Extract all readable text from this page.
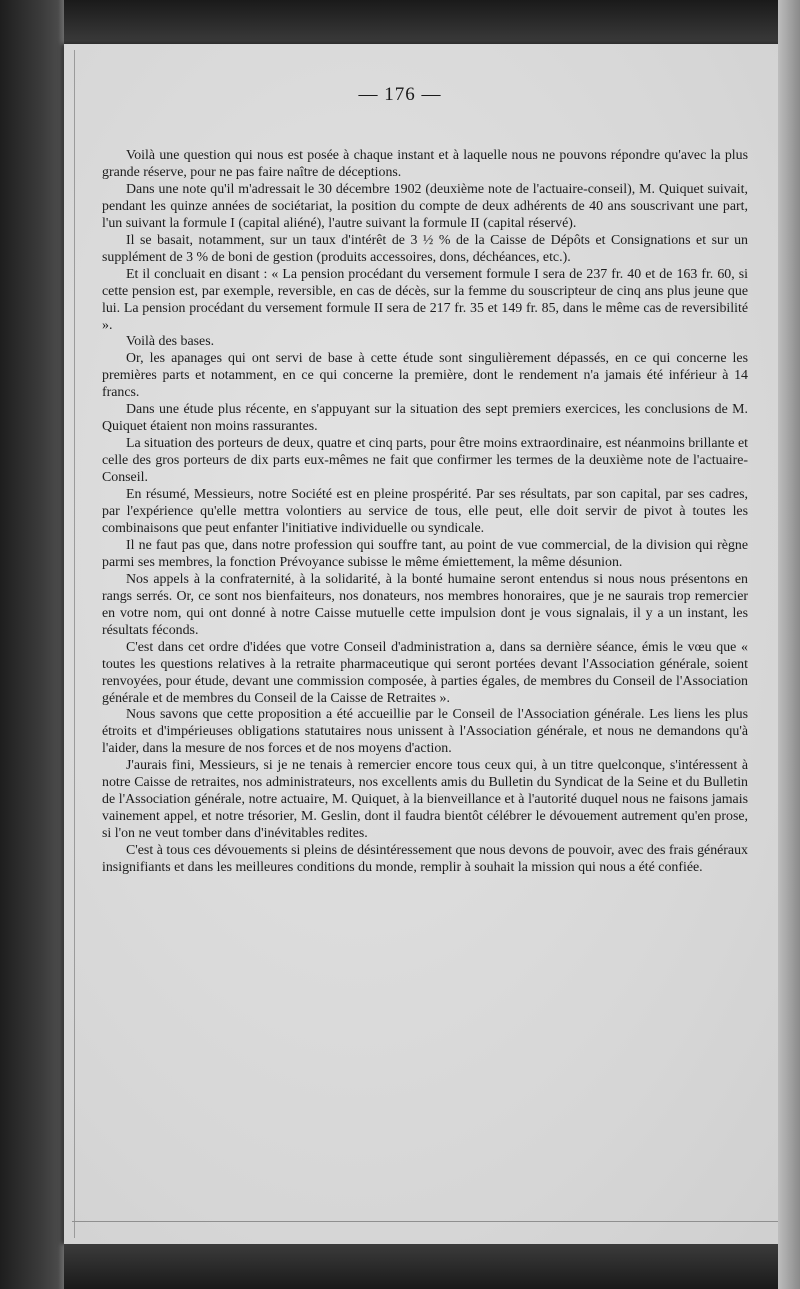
— 176 —

Voilà une question qui nous est posée à chaque instant et à laquelle nous ne pouvons répondre qu'avec la plus grande réserve, pour ne pas faire naître de déceptions.

Dans une note qu'il m'adressait le 30 décembre 1902 (deuxième note de l'actuaire-conseil), M. Quiquet suivait, pendant les quinze années de sociétariat, la position du compte de deux adhérents de 40 ans souscrivant une part, l'un suivant la formule I (capital aliéné), l'autre suivant la formule II (capital réservé).

Il se basait, notamment, sur un taux d'intérêt de 3 ½ % de la Caisse de Dépôts et Consignations et sur un supplément de 3 % de boni de gestion (produits accessoires, dons, déchéances, etc.).

Et il concluait en disant : « La pension procédant du versement formule I sera de 237 fr. 40 et de 163 fr. 60, si cette pension est, par exemple, reversible, en cas de décès, sur la femme du souscripteur de cinq ans plus jeune que lui. La pension procédant du versement formule II sera de 217 fr. 35 et 149 fr. 85, dans le même cas de reversibilité ».

Voilà des bases.

Or, les apanages qui ont servi de base à cette étude sont singulièrement dépassés, en ce qui concerne les premières parts et notamment, en ce qui concerne la première, dont le rendement n'a jamais été inférieur à 14 francs.

Dans une étude plus récente, en s'appuyant sur la situation des sept premiers exercices, les conclusions de M. Quiquet étaient non moins rassurantes.

La situation des porteurs de deux, quatre et cinq parts, pour être moins extraordinaire, est néanmoins brillante et celle des gros porteurs de dix parts eux-mêmes ne fait que confirmer les termes de la deuxième note de l'actuaire-Conseil.

En résumé, Messieurs, notre Société est en pleine prospérité. Par ses résultats, par son capital, par ses cadres, par l'expérience qu'elle mettra volontiers au service de tous, elle peut, elle doit servir de pivot à toutes les combinaisons que peut enfanter l'initiative individuelle ou syndicale.

Il ne faut pas que, dans notre profession qui souffre tant, au point de vue commercial, de la division qui règne parmi ses membres, la fonction Prévoyance subisse le même émiettement, la même désunion.

Nos appels à la confraternité, à la solidarité, à la bonté humaine seront entendus si nous nous présentons en rangs serrés. Or, ce sont nos bienfaiteurs, nos donateurs, nos membres honoraires, que je ne saurais trop remercier en votre nom, qui ont donné à notre Caisse mutuelle cette impulsion dont je vous signalais, il y a un instant, les résultats féconds.

C'est dans cet ordre d'idées que votre Conseil d'administration a, dans sa dernière séance, émis le vœu que « toutes les questions relatives à la retraite pharmaceutique qui seront portées devant l'Association générale, soient renvoyées, pour étude, devant une commission composée, à parties égales, de membres du Conseil de l'Association générale et de membres du Conseil de la Caisse de Retraites ».

Nous savons que cette proposition a été accueillie par le Conseil de l'Association générale. Les liens les plus étroits et d'impérieuses obligations statutaires nous unissent à l'Association générale, et nous ne demandons qu'à l'aider, dans la mesure de nos forces et de nos moyens d'action.

J'aurais fini, Messieurs, si je ne tenais à remercier encore tous ceux qui, à un titre quelconque, s'intéressent à notre Caisse de retraites, nos administrateurs, nos excellents amis du Bulletin du Syndicat de la Seine et du Bulletin de l'Association générale, notre actuaire, M. Quiquet, à la bienveillance et à l'autorité duquel nous ne faisons jamais vainement appel, et notre trésorier, M. Geslin, dont il faudra bientôt célébrer le dévouement autrement qu'en prose, si l'on ne veut tomber dans d'inévitables redites.

C'est à tous ces dévouements si pleins de désintéressement que nous devons de pouvoir, avec des frais généraux insignifiants et dans les meilleures conditions du monde, remplir à souhait la mission qui nous a été confiée.
